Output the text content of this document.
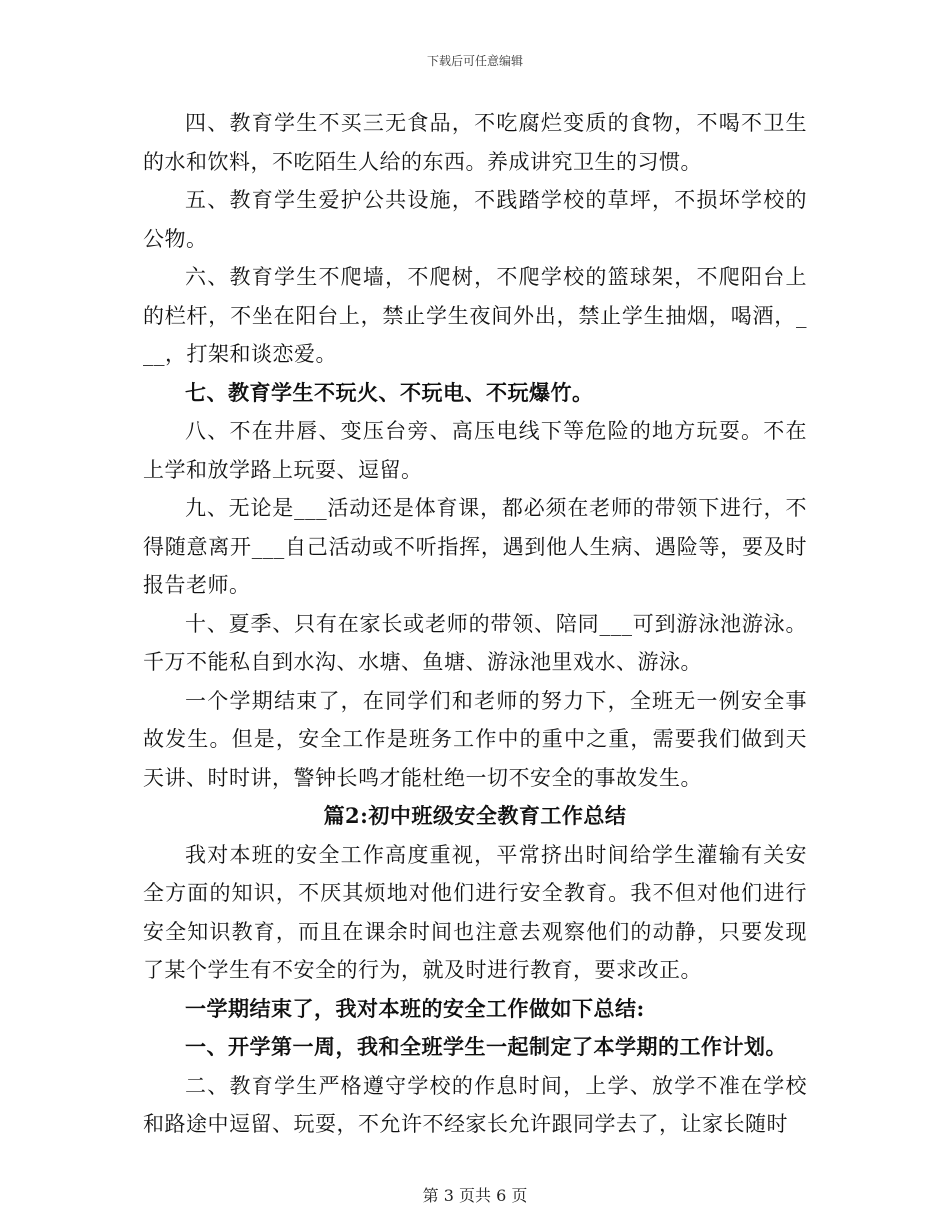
下载后可任意编辑

四、教育学生不买三无食品，不吃腐烂变质的食物，不喝不卫生的水和饮料，不吃陌生人给的东西。养成讲究卫生的习惯。

五、教育学生爱护公共设施，不践踏学校的草坪，不损坏学校的公物。

六、教育学生不爬墙，不爬树，不爬学校的篮球架，不爬阳台上的栏杆，不坐在阳台上，禁止学生夜间外出，禁止学生抽烟，喝酒，___，打架和谈恋爱。

七、教育学生不玩火、不玩电、不玩爆竹。

八、不在井唇、变压台旁、高压电线下等危险的地方玩耍。不在上学和放学路上玩耍、逗留。

九、无论是___活动还是体育课，都必须在老师的带领下进行，不得随意离开___自己活动或不听指挥，遇到他人生病、遇险等，要及时报告老师。

十、夏季、只有在家长或老师的带领、陪同___可到游泳池游泳。千万不能私自到水沟、水塘、鱼塘、游泳池里戏水、游泳。

一个学期结束了，在同学们和老师的努力下，全班无一例安全事故发生。但是，安全工作是班务工作中的重中之重，需要我们做到天天讲、时时讲，警钟长鸣才能杜绝一切不安全的事故发生。

篇2:初中班级安全教育工作总结

我对本班的安全工作高度重视，平常挤出时间给学生灌输有关安全方面的知识，不厌其烦地对他们进行安全教育。我不但对他们进行安全知识教育，而且在课余时间也注意去观察他们的动静，只要发现了某个学生有不安全的行为，就及时进行教育，要求改正。

一学期结束了，我对本班的安全工作做如下总结:

一、开学第一周，我和全班学生一起制定了本学期的工作计划。

二、教育学生严格遵守学校的作息时间，上学、放学不准在学校和路途中逗留、玩耍，不允许不经家长允许跟同学去了，让家长随时

第 3 页共 6 页
